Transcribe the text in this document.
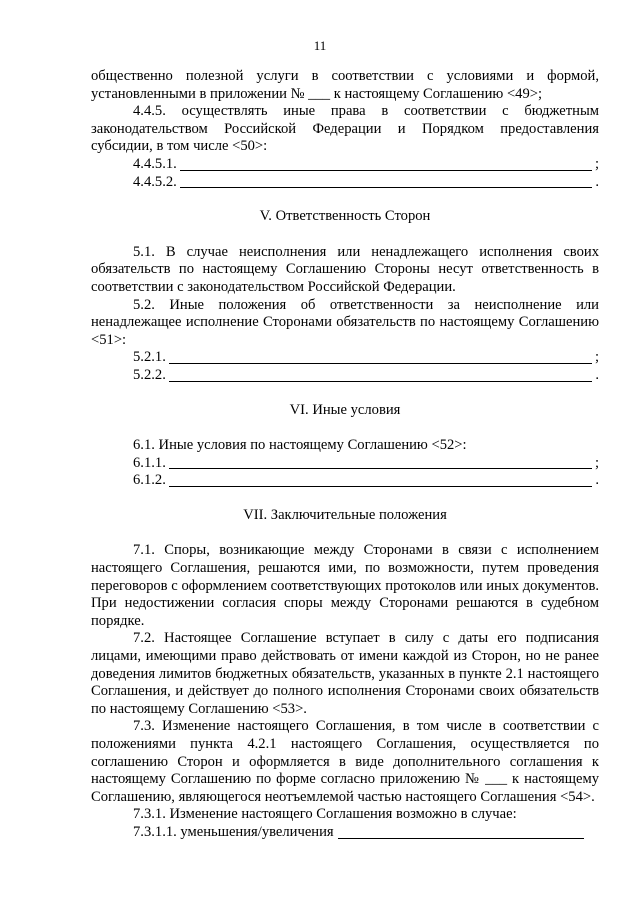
11

общественно полезной услуги в соответствии с условиями и формой, установленными в приложении № ___ к настоящему Соглашению <49>;

4.4.5. осуществлять иные права в соответствии с бюджетным законодательством Российской Федерации и Порядком предоставления субсидии, в том числе <50>:

4.4.5.1.	;
4.4.5.2.	.

V. Ответственность Сторон

5.1. В случае неисполнения или ненадлежащего исполнения своих обязательств по настоящему Соглашению Стороны несут ответственность в соответствии с законодательством Российской Федерации.

5.2. Иные положения об ответственности за неисполнение или ненадлежащее исполнение Сторонами обязательств по настоящему Соглашению <51>:

5.2.1.	;
5.2.2.	.

VI. Иные условия

6.1. Иные условия по настоящему Соглашению <52>:

6.1.1.	;
6.1.2.	.

VII. Заключительные положения

7.1. Споры, возникающие между Сторонами в связи с исполнением настоящего Соглашения, решаются ими, по возможности, путем проведения переговоров с оформлением соответствующих протоколов или иных документов. При недостижении согласия споры между Сторонами решаются в судебном порядке.

7.2. Настоящее Соглашение вступает в силу с даты его подписания лицами, имеющими право действовать от имени каждой из Сторон, но не ранее доведения лимитов бюджетных обязательств, указанных в пункте 2.1 настоящего Соглашения, и действует до полного исполнения Сторонами своих обязательств по настоящему Соглашению <53>.

7.3. Изменение настоящего Соглашения, в том числе в соответствии с положениями пункта 4.2.1 настоящего Соглашения, осуществляется по соглашению Сторон и оформляется в виде дополнительного соглашения к настоящему Соглашению по форме согласно приложению № ___ к настоящему Соглашению, являющегося неотъемлемой частью настоящего Соглашения <54>.

7.3.1. Изменение настоящего Соглашения возможно в случае:

7.3.1.1. уменьшения/увеличения
